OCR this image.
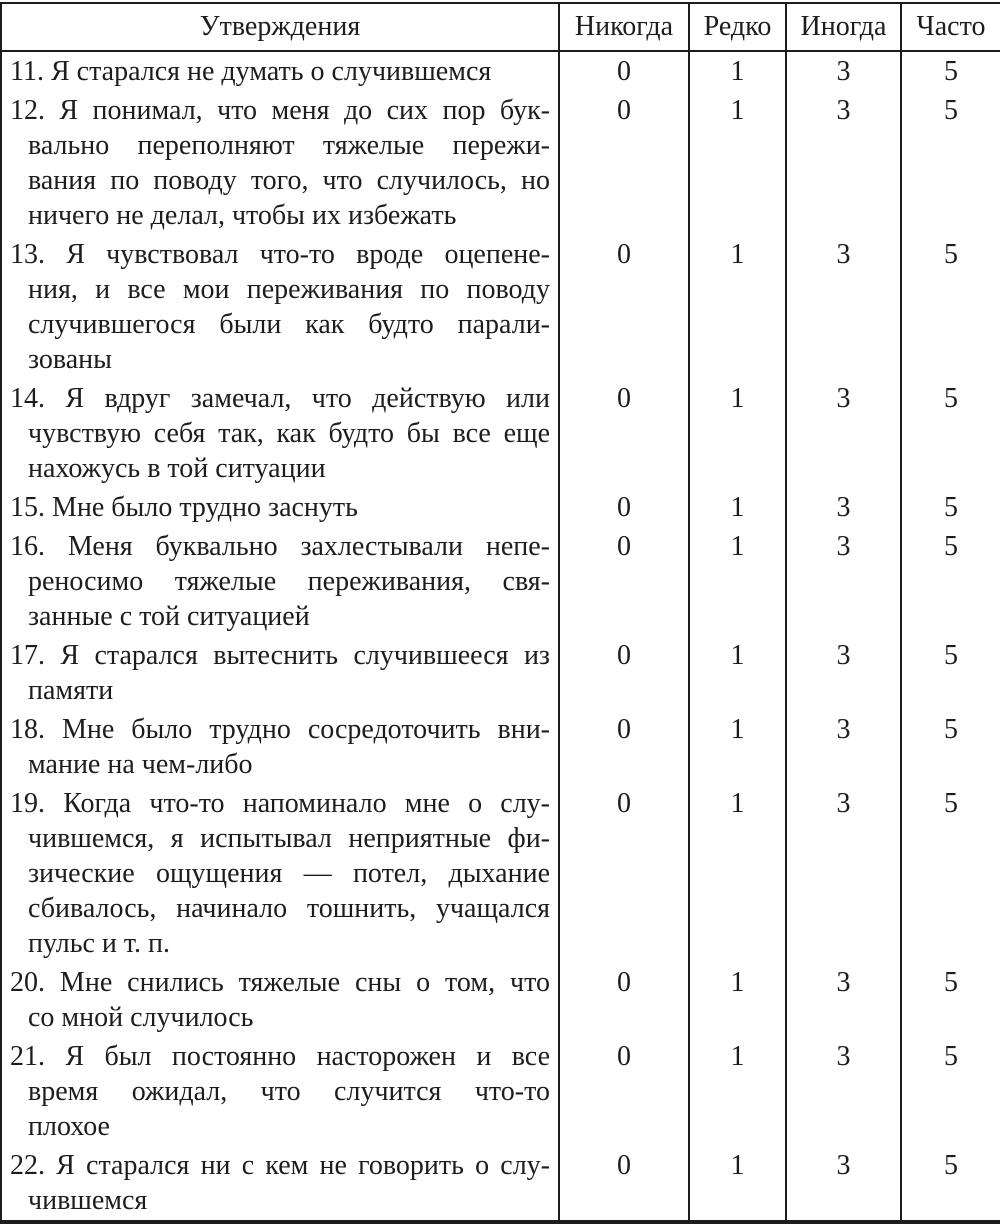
Утверждения	Никогда	Редко	Иногда	Часто

11. Я старался не думать о случившемся	0	1	3	5

12. Я понимал, что меня до сих пор бук-
вально переполняют тяжелые пережи-
вания по поводу того, что случилось, но
ничего не делал, чтобы их избежать	0	1	3	5

13. Я чувствовал что-то вроде оцепене-
ния, и все мои переживания по поводу
случившегося были как будто парали-
зованы	0	1	3	5

14. Я вдруг замечал, что действую или
чувствую себя так, как будто бы все еще
нахожусь в той ситуации	0	1	3	5

15. Мне было трудно заснуть	0	1	3	5

16. Меня буквально захлестывали непе-
реносимо тяжелые переживания, свя-
занные с той ситуацией	0	1	3	5

17. Я старался вытеснить случившееся из
памяти	0	1	3	5

18. Мне было трудно сосредоточить вни-
мание на чем-либо	0	1	3	5

19. Когда что-то напоминало мне о слу-
чившемся, я испытывал неприятные фи-
зические ощущения — потел, дыхание
сбивалось, начинало тошнить, учащался
пульс и т. п.	0	1	3	5

20. Мне снились тяжелые сны о том, что
со мной случилось	0	1	3	5

21. Я был постоянно насторожен и все
время ожидал, что случится что-то
плохое	0	1	3	5

22. Я старался ни с кем не говорить о слу-
чившемся	0	1	3	5
